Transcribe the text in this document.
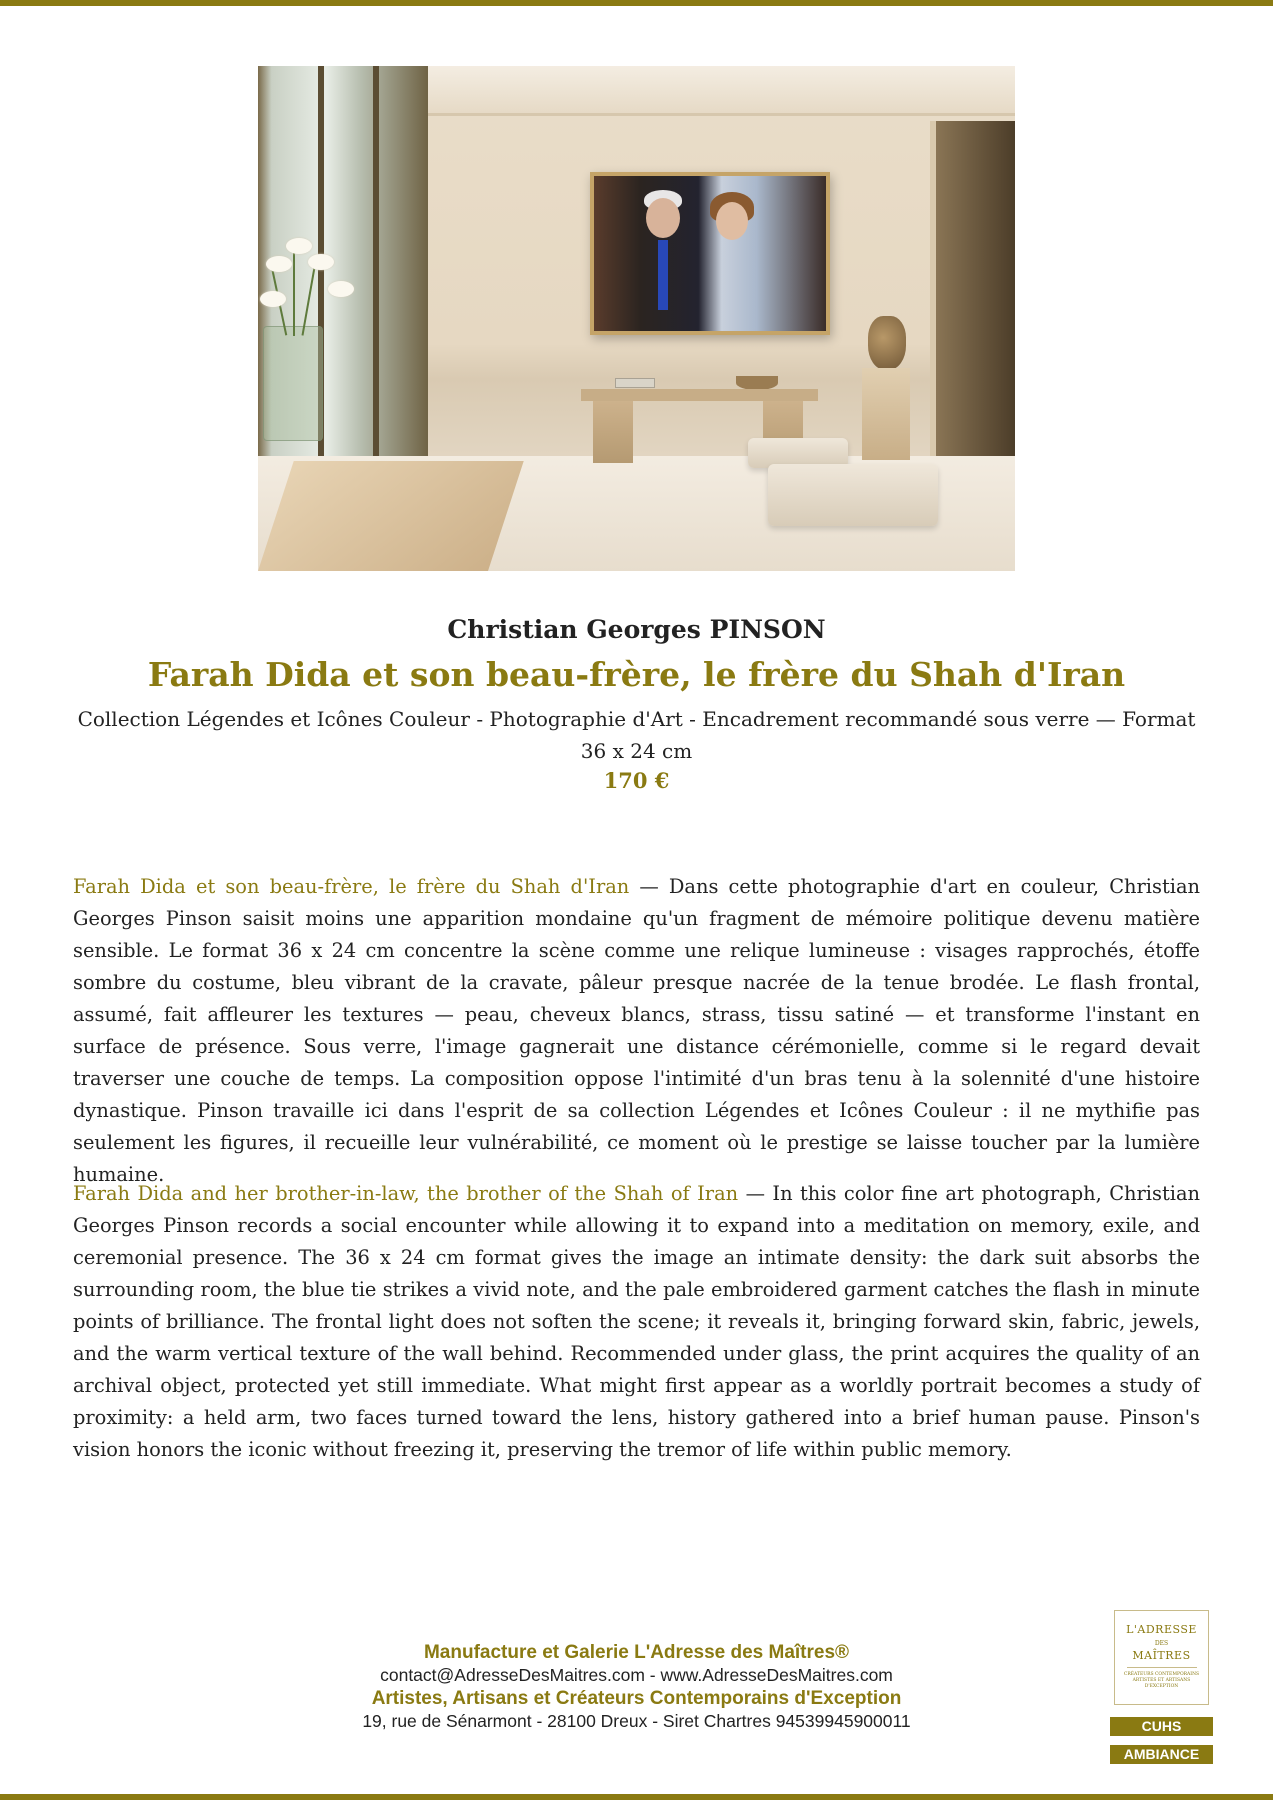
Christian Georges PINSON
Farah Dida et son beau-frère, le frère du Shah d'Iran
Collection Légendes et Icônes Couleur - Photographie d'Art - Encadrement recommandé sous verre — Format 36 x 24 cm
170 €

Farah Dida et son beau-frère, le frère du Shah d'Iran — Dans cette photographie d'art en couleur, Christian Georges Pinson saisit moins une apparition mondaine qu'un fragment de mémoire politique devenu matière sensible. Le format 36 x 24 cm concentre la scène comme une relique lumineuse : visages rapprochés, étoffe sombre du costume, bleu vibrant de la cravate, pâleur presque nacrée de la tenue brodée. Le flash frontal, assumé, fait affleurer les textures — peau, cheveux blancs, strass, tissu satiné — et transforme l'instant en surface de présence. Sous verre, l'image gagnerait une distance cérémonielle, comme si le regard devait traverser une couche de temps. La composition oppose l'intimité d'un bras tenu à la solennité d'une histoire dynastique. Pinson travaille ici dans l'esprit de sa collection Légendes et Icônes Couleur : il ne mythifie pas seulement les figures, il recueille leur vulnérabilité, ce moment où le prestige se laisse toucher par la lumière humaine.

Farah Dida and her brother-in-law, the brother of the Shah of Iran — In this color fine art photograph, Christian Georges Pinson records a social encounter while allowing it to expand into a meditation on memory, exile, and ceremonial presence. The 36 x 24 cm format gives the image an intimate density: the dark suit absorbs the surrounding room, the blue tie strikes a vivid note, and the pale embroidered garment catches the flash in minute points of brilliance. The frontal light does not soften the scene; it reveals it, bringing forward skin, fabric, jewels, and the warm vertical texture of the wall behind. Recommended under glass, the print acquires the quality of an archival object, protected yet still immediate. What might first appear as a worldly portrait becomes a study of proximity: a held arm, two faces turned toward the lens, history gathered into a brief human pause. Pinson's vision honors the iconic without freezing it, preserving the tremor of life within public memory.

Manufacture et Galerie L'Adresse des Maîtres®
contact@AdresseDesMaitres.com - www.AdresseDesMaitres.com
Artistes, Artisans et Créateurs Contemporains d'Exception
19, rue de Sénarmont - 28100 Dreux - Siret Chartres 94539945900011
L'ADRESSE
DES
MAÎTRES
CRÉATEURS CONTEMPORAINS ARTISTES ET ARTISANS D'EXCEPTION
CUHS
AMBIANCE
